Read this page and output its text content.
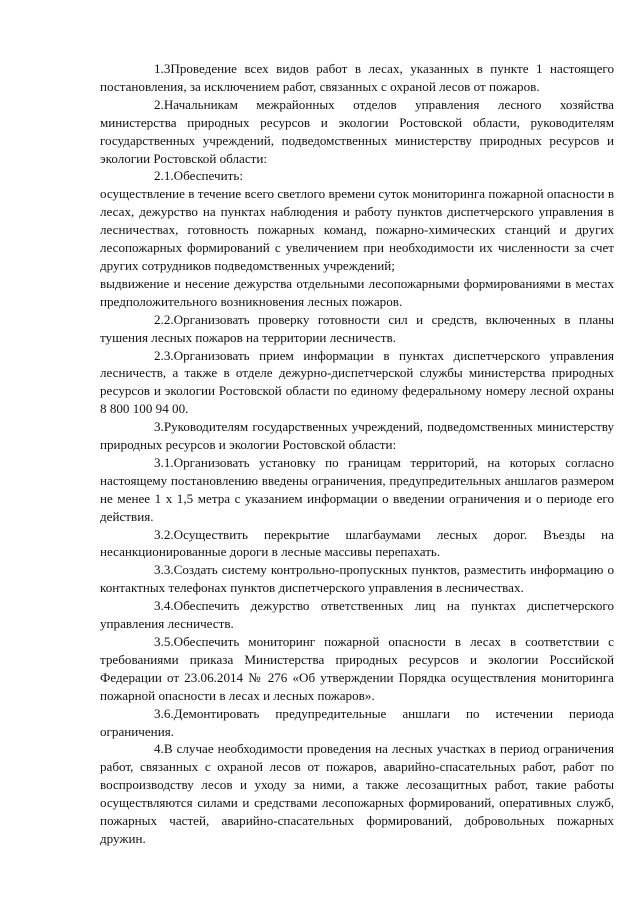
1.3Проведение всех видов работ в лесах, указанных в пункте 1 настоящего постановления, за исключением работ, связанных с охраной лесов от пожаров.

2.Начальникам межрайонных отделов управления лесного хозяйства министерства природных ресурсов и экологии Ростовской области, руководителям государственных учреждений, подведомственных министерству природных ресурсов и экологии Ростовской области:

2.1.Обеспечить:

осуществление в течение всего светлого времени суток мониторинга пожарной опасности в лесах, дежурство на пунктах наблюдения и работу пунктов диспетчерского управления в лесничествах, готовность пожарных команд, пожарно-химических станций и других лесопожарных формирований с увеличением при необходимости их численности за счет других сотрудников подведомственных учреждений;

выдвижение и несение дежурства отдельными лесопожарными формированиями в местах предположительного возникновения лесных пожаров.

2.2.Организовать проверку готовности сил и средств, включенных в планы тушения лесных пожаров на территории лесничеств.

2.3.Организовать прием информации в пунктах диспетчерского управления лесничеств, а также в отделе дежурно-диспетчерской службы министерства природных ресурсов и экологии Ростовской области по единому федеральному номеру лесной охраны 8 800 100 94 00.

3.Руководителям государственных учреждений, подведомственных министерству природных ресурсов и экологии Ростовской области:

3.1.Организовать установку по границам территорий, на которых согласно настоящему постановлению введены ограничения, предупредительных аншлагов размером не менее 1 х 1,5 метра с указанием информации о введении ограничения и о периоде его действия.

3.2.Осуществить перекрытие шлагбаумами лесных дорог. Въезды на несанкционированные дороги в лесные массивы перепахать.

3.3.Создать систему контрольно-пропускных пунктов, разместить информацию о контактных телефонах пунктов диспетчерского управления в лесничествах.

3.4.Обеспечить дежурство ответственных лиц на пунктах диспетчерского управления лесничеств.

3.5.Обеспечить мониторинг пожарной опасности в лесах в соответствии с требованиями приказа Министерства природных ресурсов и экологии Российской Федерации от 23.06.2014 № 276 «Об утверждении Порядка осуществления мониторинга пожарной опасности в лесах и лесных пожаров».

3.6.Демонтировать предупредительные аншлаги по истечении периода ограничения.

4.В случае необходимости проведения на лесных участках в период ограничения работ, связанных с охраной лесов от пожаров, аварийно-спасательных работ, работ по воспроизводству лесов и уходу за ними, а также лесозащитных работ, такие работы осуществляются силами и средствами лесопожарных формирований, оперативных служб, пожарных частей, аварийно-спасательных формирований, добровольных пожарных дружин.
